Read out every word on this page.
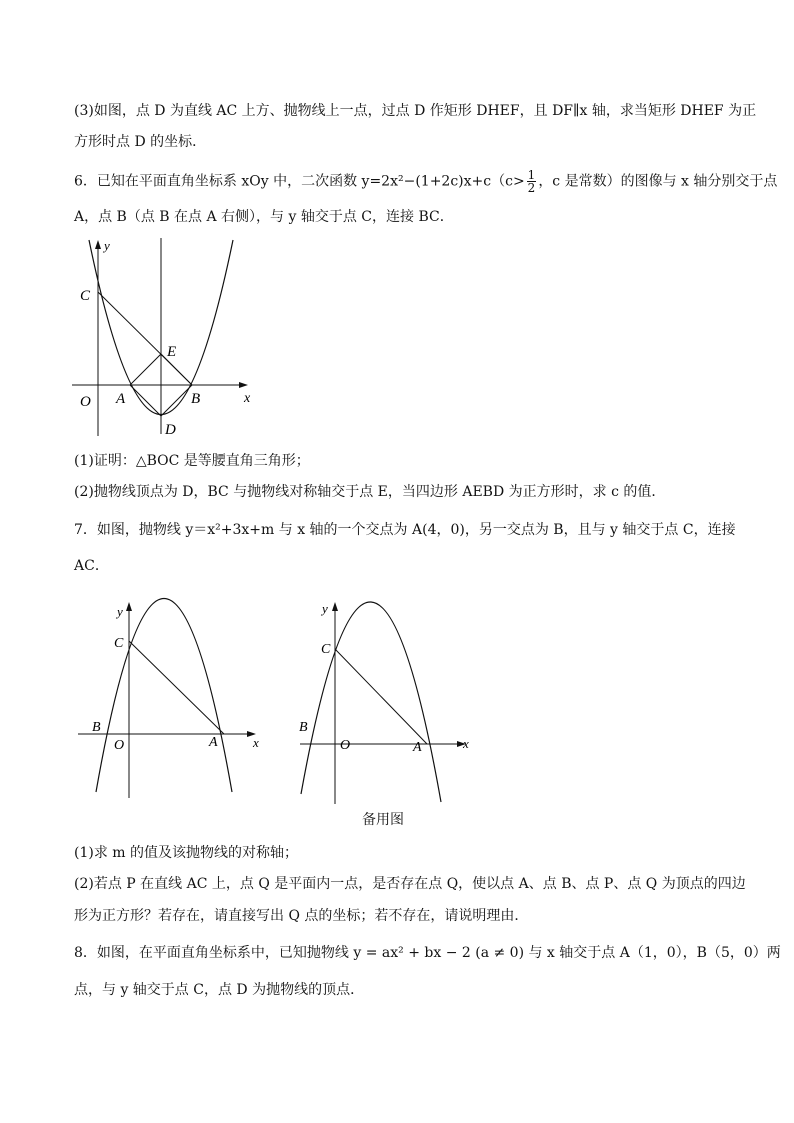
(3)如图，点 D 为直线 AC 上方、抛物线上一点，过点 D 作矩形 DHEF，且 DF∥x 轴，求当矩形 DHEF 为正
方形时点 D 的坐标．
6．已知在平面直角坐标系 xOy 中，二次函数 $y=2x^2-(1+2c)x+c(c> \frac{1}{2}$ ，c 是常数）的图像与 x 轴分别交于点
A，点 B（点 B 在点 A 右侧），与 y 轴交于点 C，连接 BC．
y
x
C
E
O A	B
D
(1)证明：△BOC 是等腰直角三角形；
(2)抛物线顶点为 D，BC 与抛物线对称轴交于点 E，当四边形 AEBD 为正方形时，求 c 的值．
7．如图，抛物线 y＝x²+3x+m 与 x 轴的一个交点为 A(4，0)，另一交点为 B，且与 y 轴交于点 C，连接
AC．
y
x
C
B
O	A
y
x
C
B
O	A
备用图
(1)求 m 的值及该抛物线的对称轴；
(2)若点 P 在直线 AC 上，点 Q 是平面内一点，是否存在点 Q，使以点 A、点 B、点 P、点 Q 为顶点的四边
形为正方形？若存在，请直接写出 Q 点的坐标；若不存在，请说明理由．
8．如图，在平面直角坐标系中，已知抛物线 y = ax² + bx − 2 (a ≠ 0) 与 x 轴交于点 A（1，0），B（5，0）两
点，与 y 轴交于点 C，点 D 为抛物线的顶点．
